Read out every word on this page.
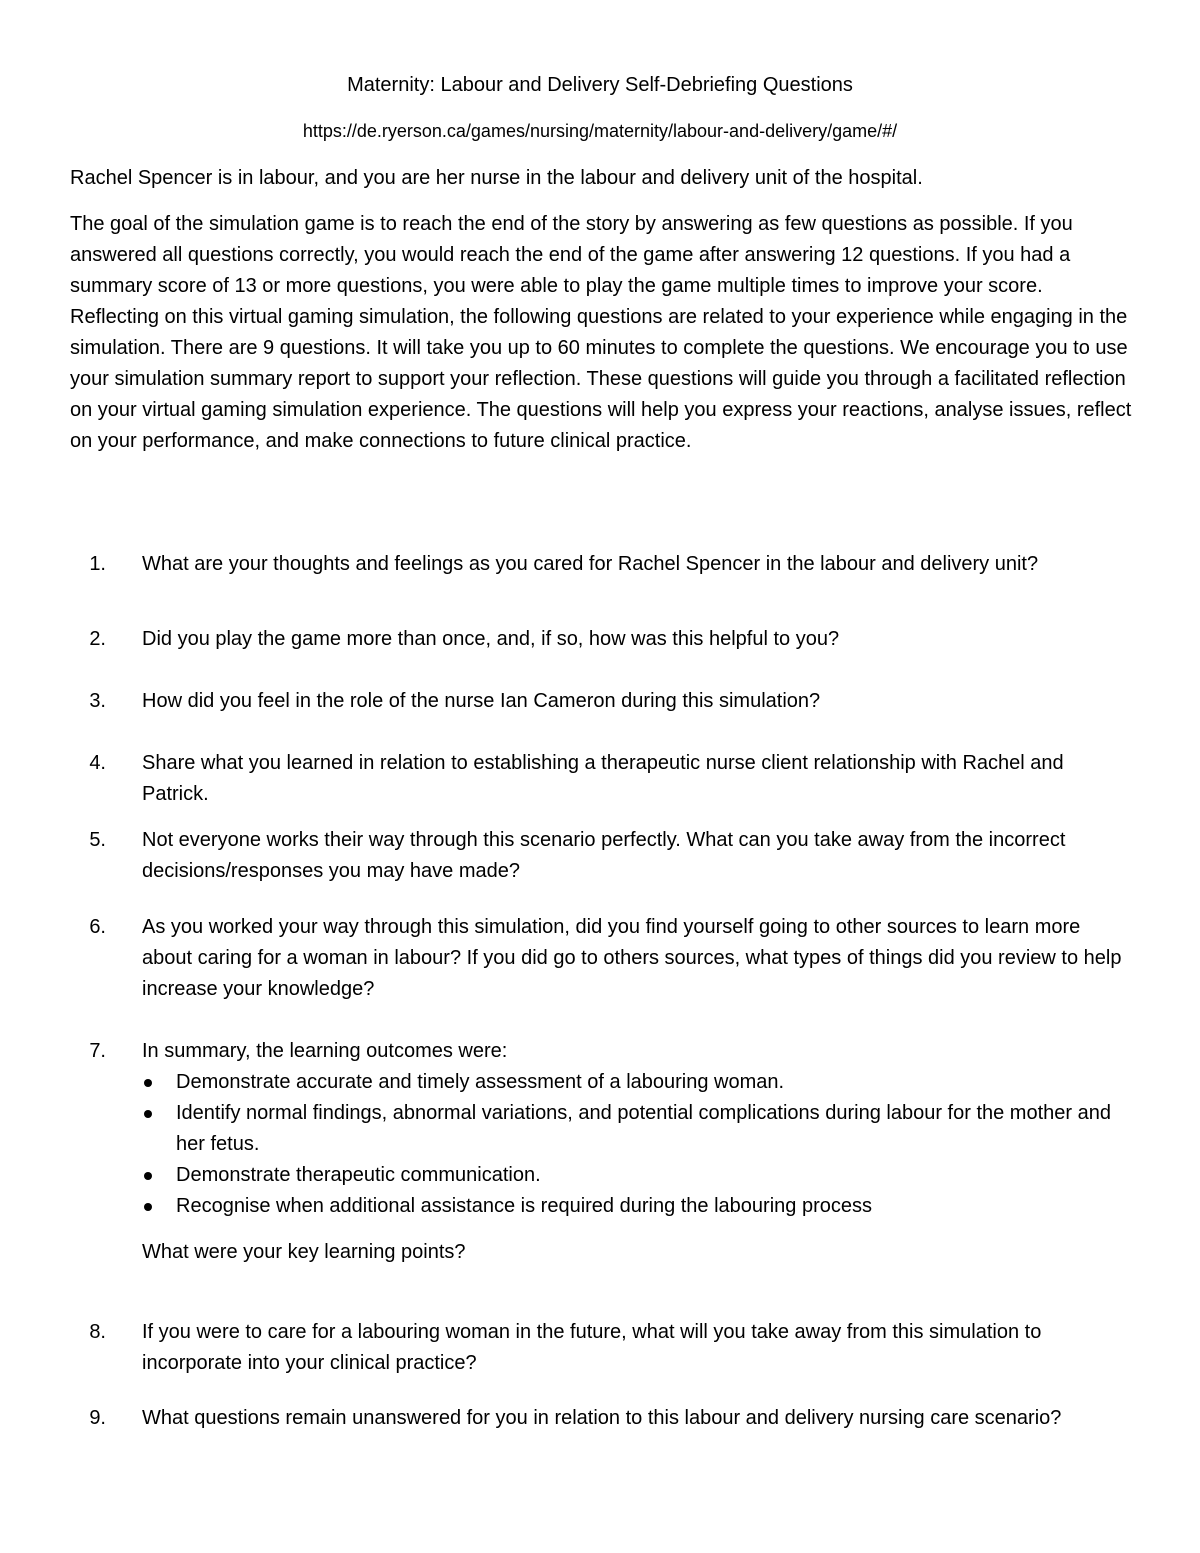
Maternity: Labour and Delivery Self-Debriefing Questions
https://de.ryerson.ca/games/nursing/maternity/labour-and-delivery/game/#/

Rachel Spencer is in labour, and you are her nurse in the labour and delivery unit of the hospital.

The goal of the simulation game is to reach the end of the story by answering as few questions as possible. If you answered all questions correctly, you would reach the end of the game after answering 12 questions. If you had a summary score of 13 or more questions, you were able to play the game multiple times to improve your score.
Reflecting on this virtual gaming simulation, the following questions are related to your experience while engaging in the simulation. There are 9 questions. It will take you up to 60 minutes to complete the questions. We encourage you to use your simulation summary report to support your reflection. These questions will guide you through a facilitated reflection on your virtual gaming simulation experience. The questions will help you express your reactions, analyse issues, reflect on your performance, and make connections to future clinical practice.

1. What are your thoughts and feelings as you cared for Rachel Spencer in the labour and delivery unit?
2. Did you play the game more than once, and, if so, how was this helpful to you?
3. How did you feel in the role of the nurse Ian Cameron during this simulation?
4. Share what you learned in relation to establishing a therapeutic nurse client relationship with Rachel and Patrick.
5. Not everyone works their way through this scenario perfectly. What can you take away from the incorrect decisions/responses you may have made?
6. As you worked your way through this simulation, did you find yourself going to other sources to learn more about caring for a woman in labour? If you did go to others sources, what types of things did you review to help increase your knowledge?
7. In summary, the learning outcomes were:
Demonstrate accurate and timely assessment of a labouring woman.
Identify normal findings, abnormal variations, and potential complications during labour for the mother and her fetus.
Demonstrate therapeutic communication.
Recognise when additional assistance is required during the labouring process
What were your key learning points?
8. If you were to care for a labouring woman in the future, what will you take away from this simulation to incorporate into your clinical practice?
9. What questions remain unanswered for you in relation to this labour and delivery nursing care scenario?
